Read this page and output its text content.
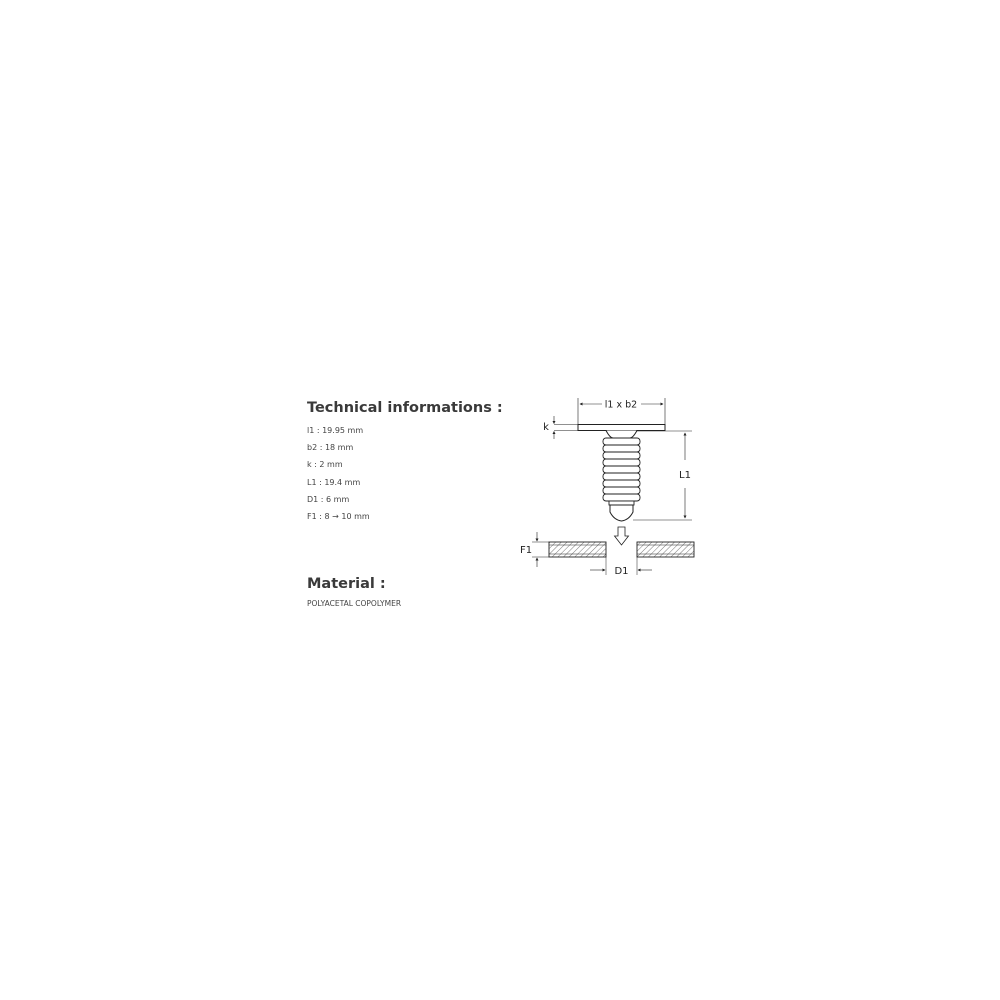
Technical informations :
l1 : 19.95 mm
b2 : 18 mm
k : 2 mm
L1 : 19.4 mm
D1 : 6 mm
F1 : 8 → 10 mm
Material :
POLYACETAL COPOLYMER
l1 x b2
k
L1
F1
D1
